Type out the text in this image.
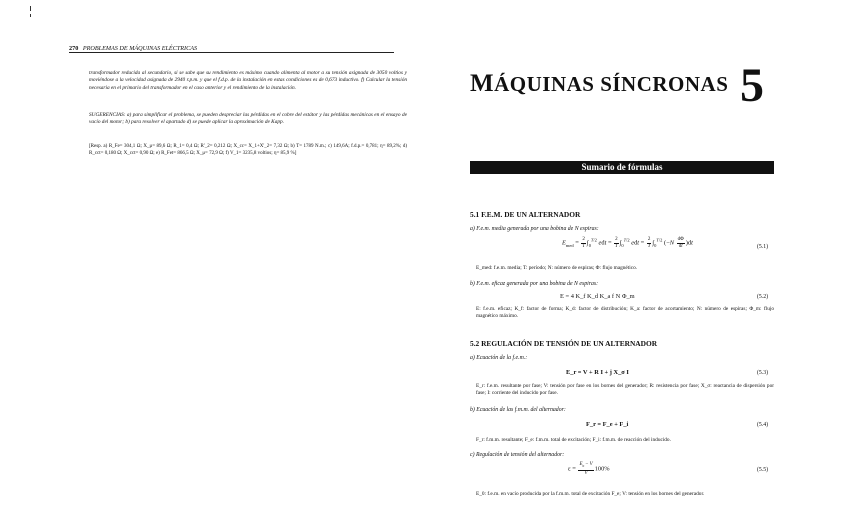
270 PROBLEMAS DE MÁQUINAS ELÉCTRICAS
transformador reducida al secundario, si se sabe que su rendimiento es máximo cuando alimenta al motor a su tensión asignada de 3050 voltios y moviéndose a la velocidad asignada de 2940 r.p.m. y que el f.d.p. de la instalación en estas condiciones es de 0,673 inductivo. f) Calcular la tensión necesaria en el primario del transformador en el caso anterior y el rendimiento de la instalación.
SUGERENCIAS: a) para simplificar el problema, se pueden despreciar las pérdidas en el cobre del estátor y las pérdidas mecánicas en el ensayo de vacío del motor; b) para resolver el apartado d) se puede aplicar la aproximación de Kapp.
[Resp. a) R_Fe= 304,1 Ω; X_μ= 89,6 Ω; R_1= 0,4 Ω; R'_2= 0,212 Ω; X_cc= X_1+X'_2= 7,32 Ω; b) T= 1789 N.m.; c) 149,6A; f.d.p.= 0,781; η= 89,2%; d) R_cct= 0,180 Ω; X_cct= 0,90 Ω; e) R_Fet= 866,5 Ω; X_μ= 72,9 Ω; f) V_1= 3235,8 voltios; η= 85,9 %]
MÁQUINAS SÍNCRONAS 5
Sumario de fórmulas
5.1 F.E.M. DE UN ALTERNADOR
a) F.e.m. media generada por una bobina de N espiras:
$E_{med} = \frac{2}{T} \int_0^{T/2}$ edt = $\frac{2}{T} \int_0^{T/2}$ edt = $\frac{2}{T} \int_0^{T/2}$ $(-N \frac{d\Phi}{dt} )dt$
(5.1)
E_med: f.e.m. media; T: período; N: número de espiras; Φ: flujo magnético.
b) F.e.m. eficaz generada por una bobina de N espiras:
E = 4 K_f K_d K_a f N Φ_m	(5.2)
E: f.e.m. eficaz; K_f: factor de forma; K_d: factor de distribución; K_a: factor de acortamiento; N: número de espiras; Φ_m: flujo magnético máximo.
5.2 REGULACIÓN DE TENSIÓN DE UN ALTERNADOR
a) Ecuación de la f.e.m.:
E_r = V + R I + j X_σ I	(5.3)
E_r: f.e.m. resultante por fase; V: tensión por fase en los bornes del generador; R: resistencia por fase; X_σ: reactancia de dispersión por fase; I: corriente del inducido por fase.
b) Ecuación de las f.m.m. del alternador:
F_r = F_e + F_i	(5.4)
F_r: f.m.m. resultante; F_e: f.m.m. total de excitación; F_i: f.m.m. de reacción del inducido.
c) Regulación de tensión del alternador:
$\varepsilon = \frac{E_0 - V}{V} 100\%$	(5.5)
E_0: f.e.m. en vacío producida por la f.m.m. total de excitación F_e; V: tensión en los bornes del generador.
